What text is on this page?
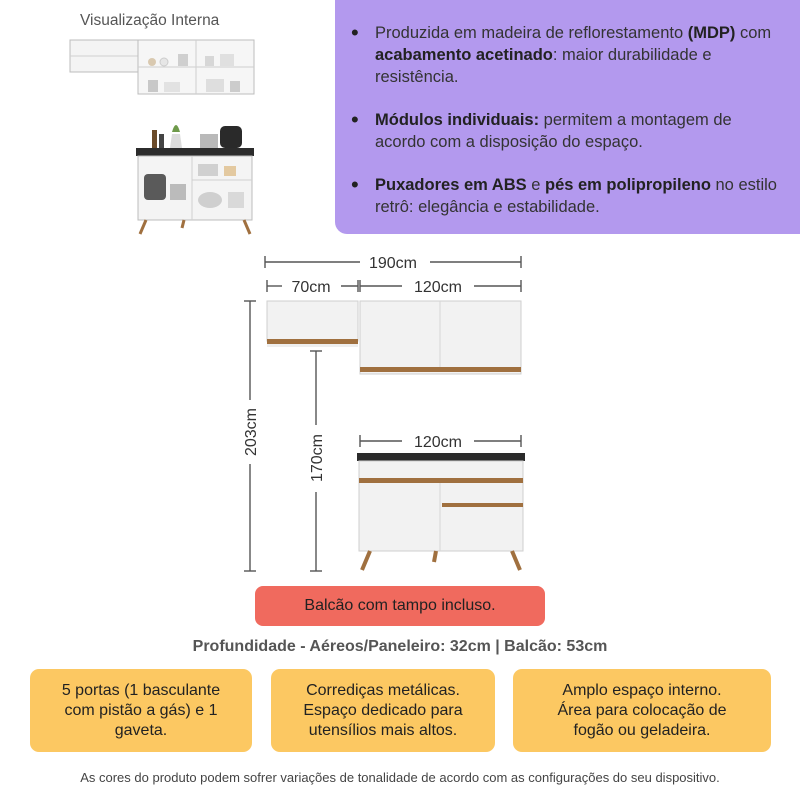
Visualização Interna
• Produzida em madeira de reflorestamento (MDP) com acabamento acetinado: maior durabilidade e resistência.
• Módulos individuais: permitem a montagem de acordo com a disposição do espaço.
• Puxadores em ABS e pés em polipropileno no estilo retrô: elegância e estabilidade.
190cm
70cm	120cm
120cm
203cm
170cm
Balcão com tampo incluso.
Profundidade - Aéreos/Paneleiro: 32cm | Balcão: 53cm
5 portas (1 basculante
com pistão a gás) e 1
gaveta.
Corrediças metálicas.
Espaço dedicado para
utensílios mais altos.
Amplo espaço interno.
Área para colocação de
fogão ou geladeira.
As cores do produto podem sofrer variações de tonalidade de acordo com as configurações do seu dispositivo.
